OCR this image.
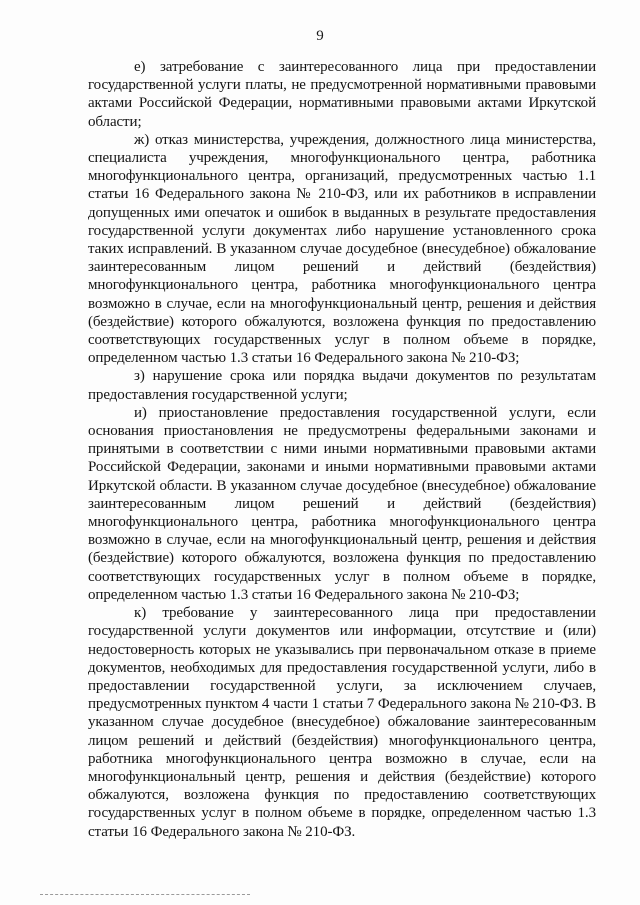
9

е) затребование с заинтересованного лица при предоставлении государственной услуги платы, не предусмотренной нормативными правовыми актами Российской Федерации, нормативными правовыми актами Иркутской области;

ж) отказ министерства, учреждения, должностного лица министерства, специалиста учреждения, многофункционального центра, работника многофункционального центра, организаций, предусмотренных частью 1.1 статьи 16 Федерального закона № 210-ФЗ, или их работников в исправлении допущенных ими опечаток и ошибок в выданных в результате предоставления государственной услуги документах либо нарушение установленного срока таких исправлений. В указанном случае досудебное (внесудебное) обжалование заинтересованным лицом решений и действий (бездействия) многофункционального центра, работника многофункционального центра возможно в случае, если на многофункциональный центр, решения и действия (бездействие) которого обжалуются, возложена функция по предоставлению соответствующих государственных услуг в полном объеме в порядке, определенном частью 1.3 статьи 16 Федерального закона № 210-ФЗ;

з) нарушение срока или порядка выдачи документов по результатам предоставления государственной услуги;

и) приостановление предоставления государственной услуги, если основания приостановления не предусмотрены федеральными законами и принятыми в соответствии с ними иными нормативными правовыми актами Российской Федерации, законами и иными нормативными правовыми актами Иркутской области. В указанном случае досудебное (внесудебное) обжалование заинтересованным лицом решений и действий (бездействия) многофункционального центра, работника многофункционального центра возможно в случае, если на многофункциональный центр, решения и действия (бездействие) которого обжалуются, возложена функция по предоставлению соответствующих государственных услуг в полном объеме в порядке, определенном частью 1.3 статьи 16 Федерального закона № 210-ФЗ;

к) требование у заинтересованного лица при предоставлении государственной услуги документов или информации, отсутствие и (или) недостоверность которых не указывались при первоначальном отказе в приеме документов, необходимых для предоставления государственной услуги, либо в предоставлении государственной услуги, за исключением случаев, предусмотренных пунктом 4 части 1 статьи 7 Федерального закона № 210-ФЗ. В указанном случае досудебное (внесудебное) обжалование заинтересованным лицом решений и действий (бездействия) многофункционального центра, работника многофункционального центра возможно в случае, если на многофункциональный центр, решения и действия (бездействие) которого обжалуются, возложена функция по предоставлению соответствующих государственных услуг в полном объеме в порядке, определенном частью 1.3 статьи 16 Федерального закона № 210-ФЗ.
